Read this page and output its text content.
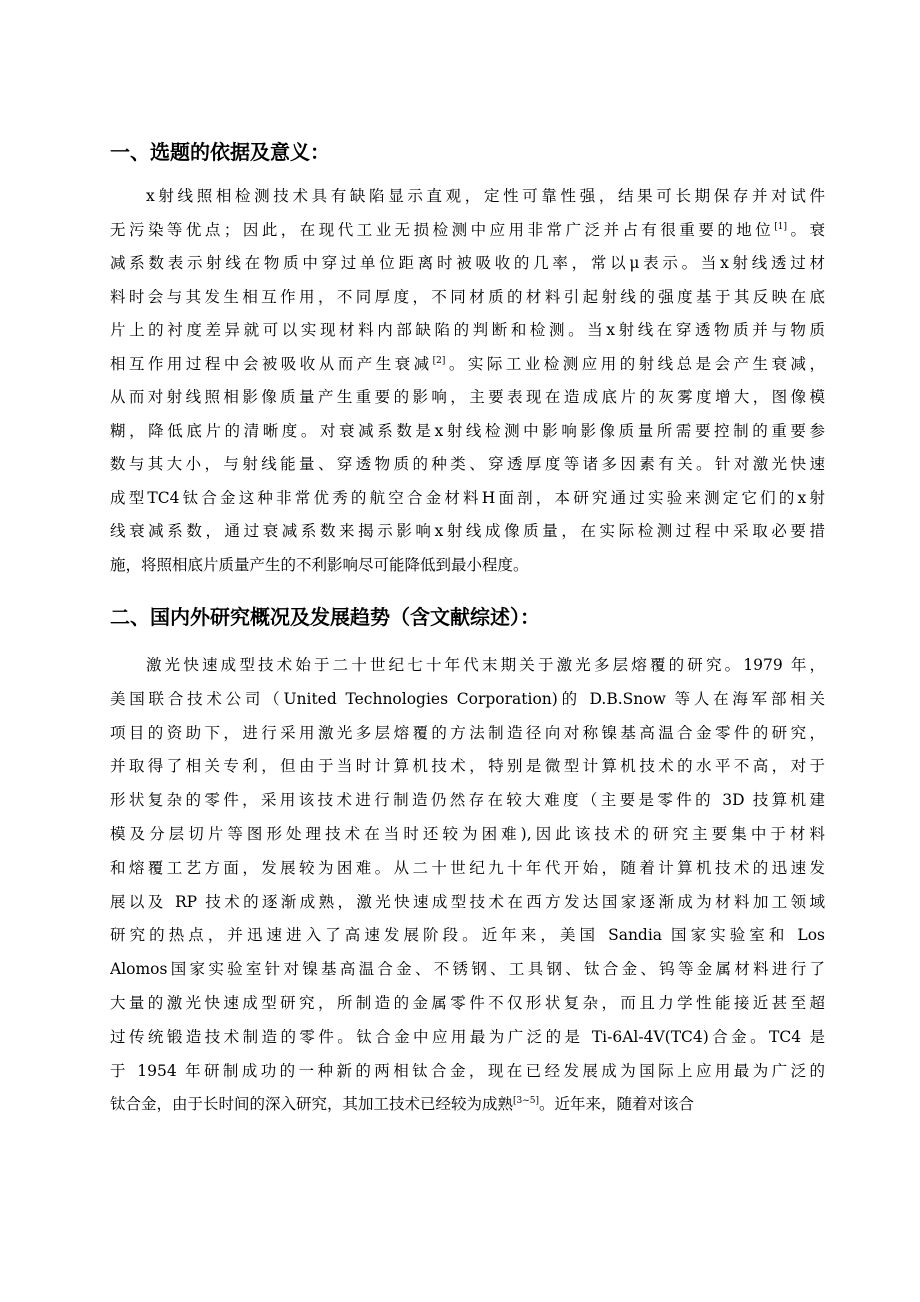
一、选题的依据及意义：
x射线照相检测技术具有缺陷显示直观，定性可靠性强，结果可长期保存并对试件
无污染等优点；因此，在现代工业无损检测中应用非常广泛并占有很重要的地位[1]。衰
减系数表示射线在物质中穿过单位距离时被吸收的几率，常以μ表示。当x射线透过材
料时会与其发生相互作用，不同厚度，不同材质的材料引起射线的强度基于其反映在底
片上的衬度差异就可以实现材料内部缺陷的判断和检测。当x射线在穿透物质并与物质
相互作用过程中会被吸收从而产生衰减[2]。实际工业检测应用的射线总是会产生衰减，
从而对射线照相影像质量产生重要的影响，主要表现在造成底片的灰雾度增大，图像模
糊，降低底片的清晰度。对衰减系数是x射线检测中影响影像质量所需要控制的重要参
数与其大小，与射线能量、穿透物质的种类、穿透厚度等诸多因素有关。针对激光快速
成型TC4钛合金这种非常优秀的航空合金材料H面剖，本研究通过实验来测定它们的x射
线衰减系数，通过衰减系数来揭示影响x射线成像质量，在实际检测过程中采取必要措
施，将照相底片质量产生的不利影响尽可能降低到最小程度。
二、国内外研究概况及发展趋势（含文献综述）：
激光快速成型技术始于二十世纪七十年代末期关于激光多层熔覆的研究。1979 年，
美国联合技术公司（United Technologies Corporation)的 D.B.Snow 等人在海军部相关
项目的资助下，进行采用激光多层熔覆的方法制造径向对称镍基高温合金零件的研究，
并取得了相关专利，但由于当时计算机技术，特别是微型计算机技术的水平不高，对于
形状复杂的零件，采用该技术进行制造仍然存在较大难度（主要是零件的 3D 技算机建
模及分层切片等图形处理技术在当时还较为困难),因此该技术的研究主要集中于材料
和熔覆工艺方面，发展较为困难。从二十世纪九十年代开始，随着计算机技术的迅速发
展以及 RP 技术的逐渐成熟，激光快速成型技术在西方发达国家逐渐成为材料加工领域
研究的热点，并迅速进入了高速发展阶段。近年来，美国 Sandia 国家实验室和 Los
Alomos国家实验室针对镍基高温合金、不锈钢、工具钢、钛合金、钨等金属材料进行了
大量的激光快速成型研究，所制造的金属零件不仅形状复杂，而且力学性能接近甚至超
过传统锻造技术制造的零件。钛合金中应用最为广泛的是 Ti-6Al-4V(TC4)合金。TC4 是
于 1954 年研制成功的一种新的两相钛合金，现在已经发展成为国际上应用最为广泛的
钛合金，由于长时间的深入研究，其加工技术已经较为成熟[3~5]。近年来，随着对该合
